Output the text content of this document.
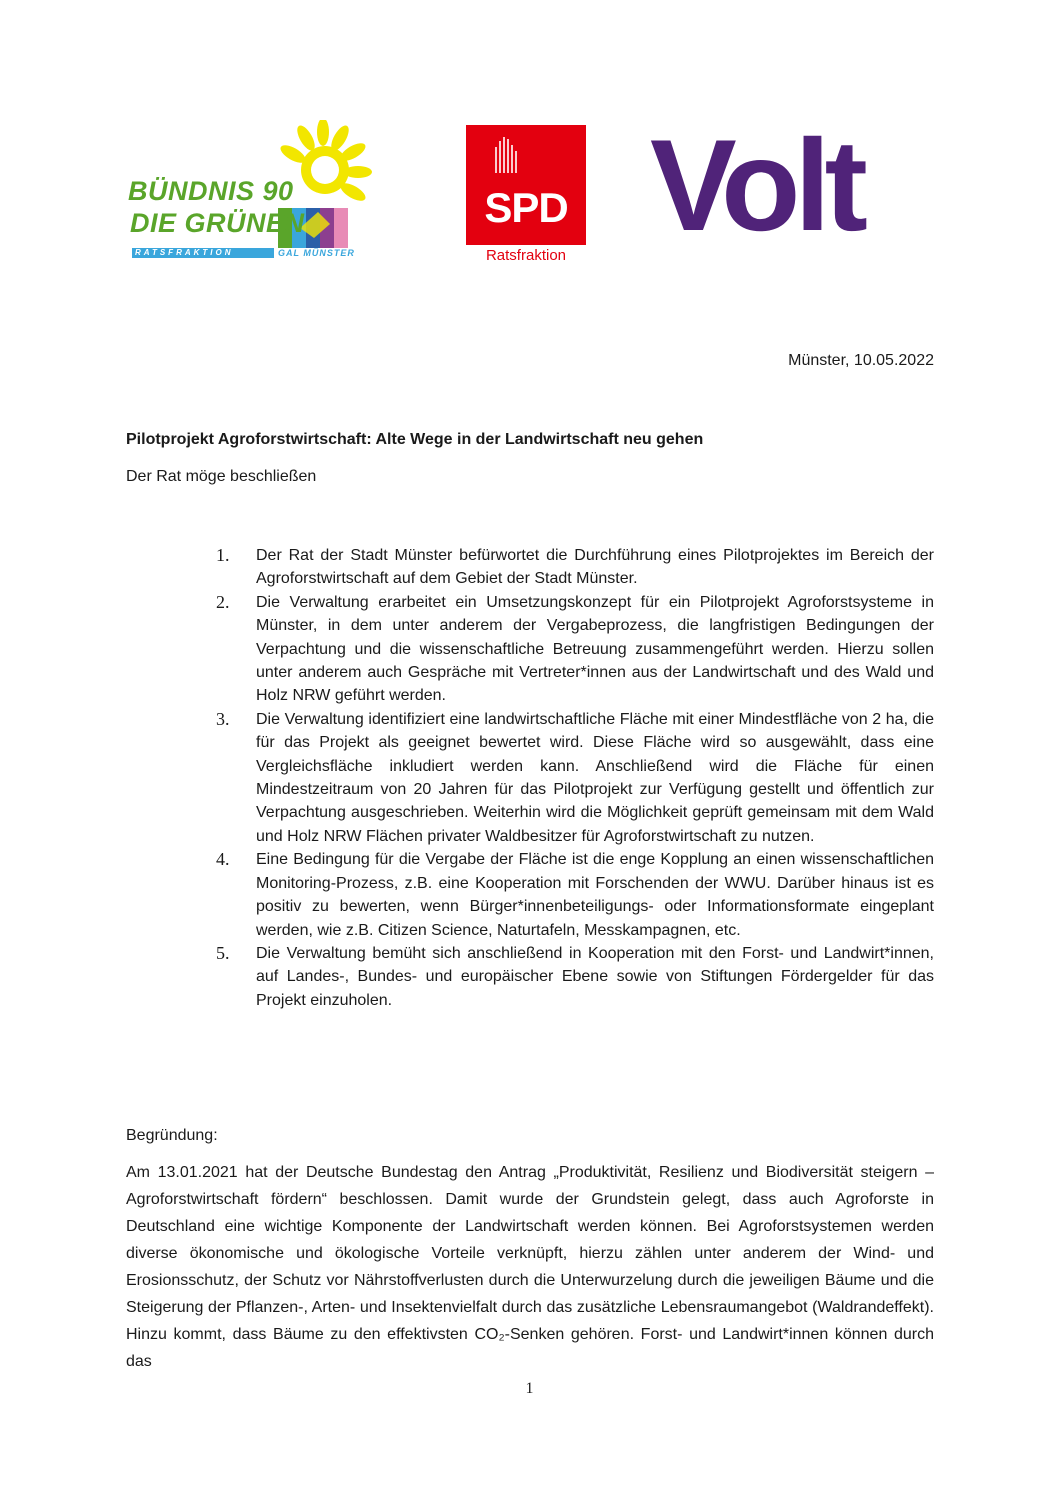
BÜNDNIS 90
DIE GRÜNEN
RATSFRAKTION	GAL MÜNSTER
SPD
Ratsfraktion Volt
Münster, 10.05.2022
Pilotprojekt Agroforstwirtschaft: Alte Wege in der Landwirtschaft neu gehen
Der Rat möge beschließen
1. Der Rat der Stadt Münster befürwortet die Durchführung eines Pilotprojektes im Bereich der Agroforstwirtschaft auf dem Gebiet der Stadt Münster.
2. Die Verwaltung erarbeitet ein Umsetzungskonzept für ein Pilotprojekt Agroforstsysteme in Münster, in dem unter anderem der Vergabeprozess, die langfristigen Bedingungen der Verpachtung und die wissenschaftliche Betreuung zusammengeführt werden. Hierzu sollen unter anderem auch Gespräche mit Vertreter*innen aus der Landwirtschaft und des Wald und Holz NRW geführt werden.
3. Die Verwaltung identifiziert eine landwirtschaftliche Fläche mit einer Mindestfläche von 2 ha, die für das Projekt als geeignet bewertet wird. Diese Fläche wird so ausgewählt, dass eine Vergleichsfläche inkludiert werden kann. Anschließend wird die Fläche für einen Mindestzeitraum von 20 Jahren für das Pilotprojekt zur Verfügung gestellt und öffentlich zur Verpachtung ausgeschrieben. Weiterhin wird die Möglichkeit geprüft gemeinsam mit dem Wald und Holz NRW Flächen privater Waldbesitzer für Agroforstwirtschaft zu nutzen.
4. Eine Bedingung für die Vergabe der Fläche ist die enge Kopplung an einen wissenschaftlichen Monitoring-Prozess, z.B. eine Kooperation mit Forschenden der WWU. Darüber hinaus ist es positiv zu bewerten, wenn Bürger*innenbeteiligungs- oder Informationsformate eingeplant werden, wie z.B. Citizen Science, Naturtafeln, Messkampagnen, etc.
5. Die Verwaltung bemüht sich anschließend in Kooperation mit den Forst- und Landwirt*innen, auf Landes-, Bundes- und europäischer Ebene sowie von Stiftungen Fördergelder für das Projekt einzuholen.
Begründung:

Am 13.01.2021 hat der Deutsche Bundestag den Antrag „Produktivität, Resilienz und Biodiversität steigern – Agroforstwirtschaft fördern“ beschlossen. Damit wurde der Grundstein gelegt, dass auch Agroforste in Deutschland eine wichtige Komponente der Landwirtschaft werden können. Bei Agroforstsystemen werden diverse ökonomische und ökologische Vorteile verknüpft, hierzu zählen unter anderem der Wind- und Erosionsschutz, der Schutz vor Nährstoffverlusten durch die Unterwurzelung durch die jeweiligen Bäume und die Steigerung der Pflanzen-, Arten- und Insektenvielfalt durch das zusätzliche Lebensraumangebot (Waldrandeffekt). Hinzu kommt, dass Bäume zu den effektivsten CO₂-Senken gehören. Forst- und Landwirt*innen können durch das

1
